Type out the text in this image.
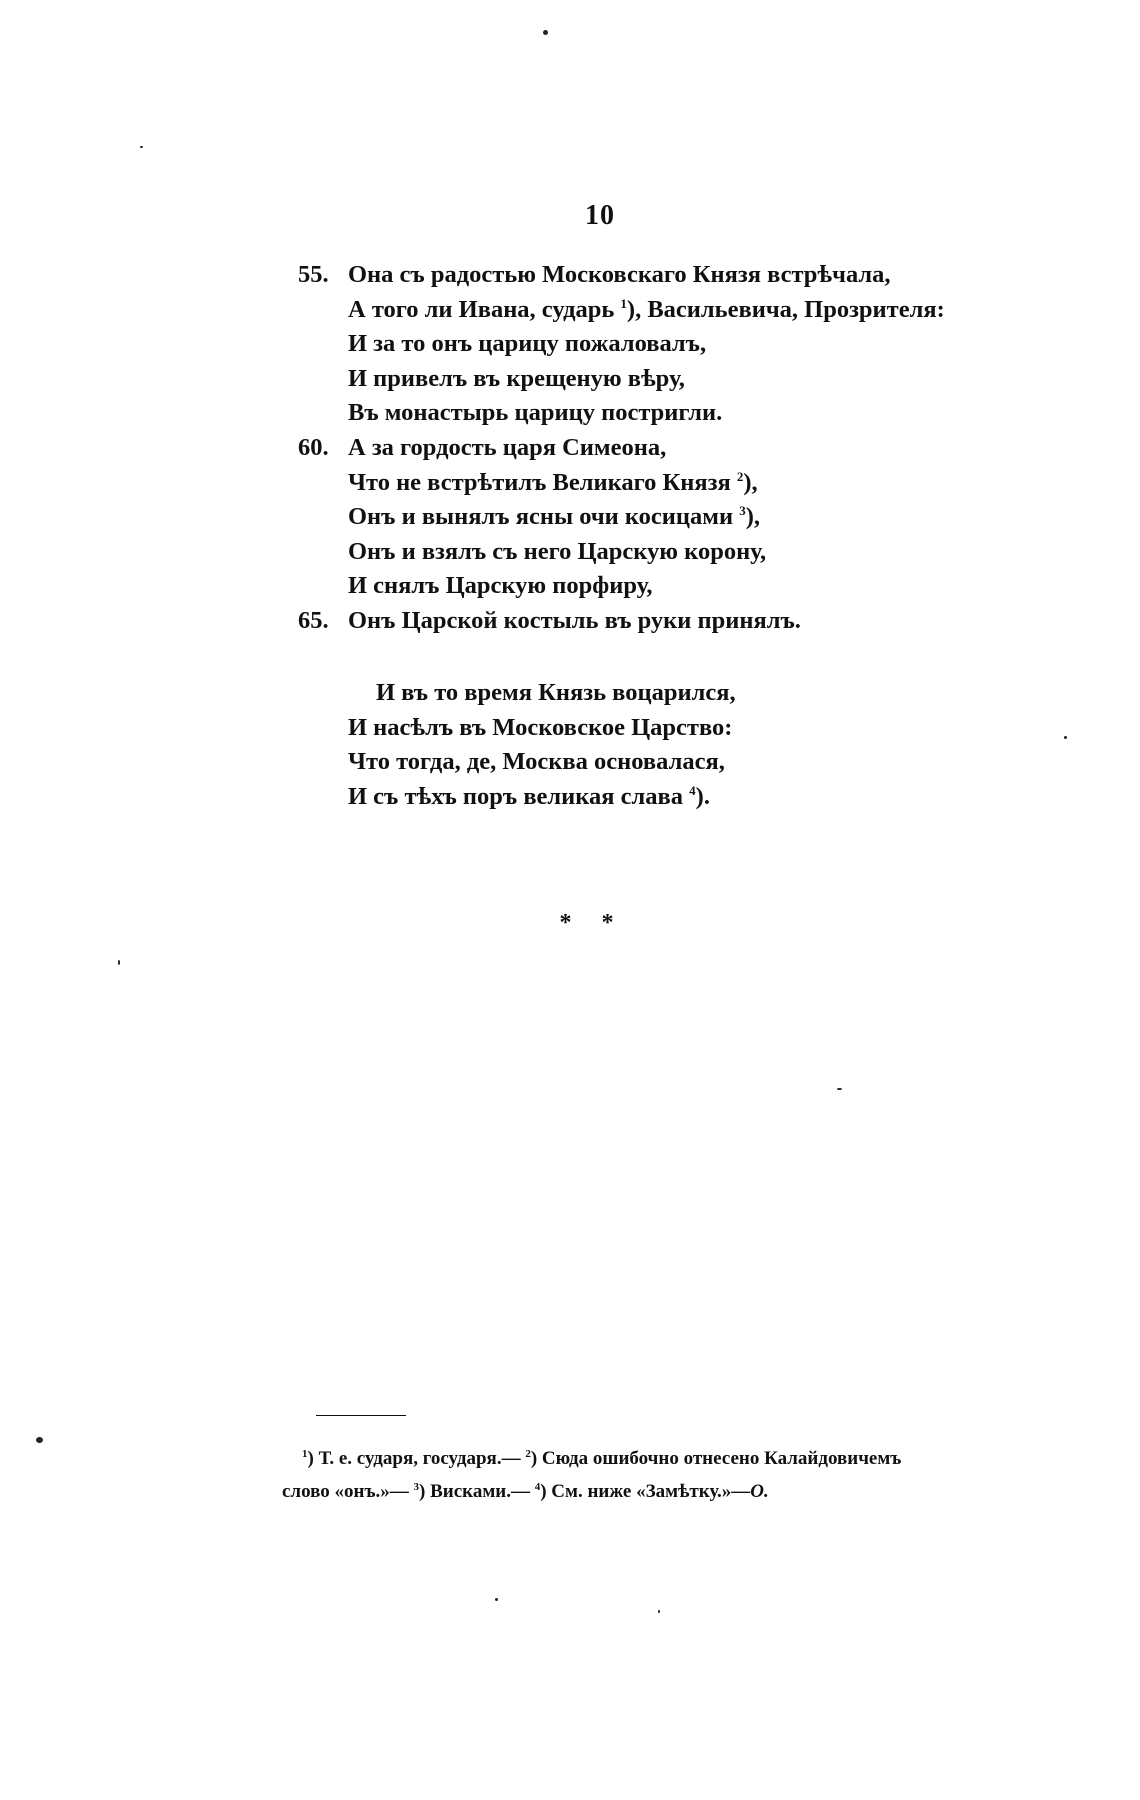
10
55. Она съ радостью Московскаго Князя встрѣчала,
А того ли Ивана, сударь $^1$), Васильевича, Прозрителя:
И за то онъ царицу пожаловалъ,
И привелъ въ крещеную вѣру,
Въ монастырь царицу постригли.
60. А за гордость царя Симеона,
Что не встрѣтилъ Великаго Князя $^2$),
Онъ и вынялъ ясны очи косицами $^3$),
Онъ и взялъ съ него Царскую корону,
И снялъ Царскую порфиру,
65. Онъ Царской костыль въ руки принялъ.
И въ то время Князь воцарился,
И насѣлъ въ Московское Царство:
Что тогда, де, Москва основалася,
И съ тѣхъ поръ великая слава $^4$).
* *
$^1$) Т. е. сударя, государя.— $^2$) Сюда ошибочно отнесено Калайдовичемъ
слово «онъ.»— $^3$) Висками.— $^4$) См. ниже «Замѣтку.»—О.
